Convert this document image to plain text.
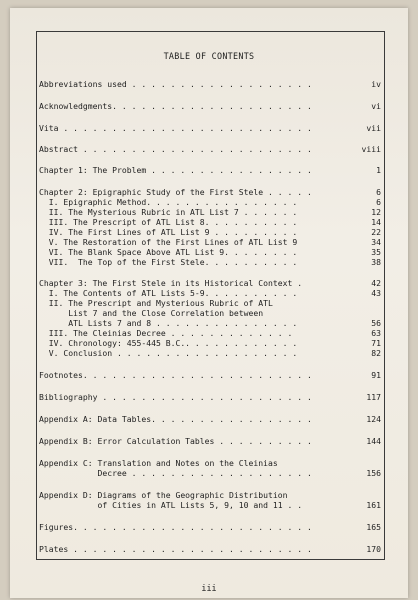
TABLE OF CONTENTS
Abbreviations used . . . . . . . . . . . . . . . . . . .	iv
Acknowledgments. . . . . . . . . . . . . . . . . . . . .	vi
Vita . . . . . . . . . . . . . . . . . . . . . . . . . .	vii
Abstract . . . . . . . . . . . . . . . . . . . . . . . .	viii
Chapter 1: The Problem . . . . . . . . . . . . . . . . .	1
Chapter 2: Epigraphic Study of the First Stele . . . . .	6
I. Epigraphic Method. . . . . . . . . . . . . . . .	6
II. The Mysterious Rubric in ATL List 7 . . . . . .	12
III. The Prescript of ATL List 8. . . . . . . . . .	14
IV. The First Lines of ATL List 9 . . . . . . . . .	22
V. The Restoration of the First Lines of ATL List 9	34
VI. The Blank Space Above ATL List 9. . . . . . . .	35
VII.  The Top of the First Stele. . . . . . . . . .	38
Chapter 3: The First Stele in its Historical Context .	42
I. The Contents of ATL Lists 5-9. . . . . . . . . .	43
II. The Prescript and Mysterious Rubric of ATL
List 7 and the Close Correlation between
ATL Lists 7 and 8 . . . . . . . . . . . . . . .	56
III. The Cleinias Decree . . . . . . . . . . . . .	63
IV. Chronology: 455-445 B.C.. . . . . . . . . . . .	71
V. Conclusion . . . . . . . . . . . . . . . . . . .	82
Footnotes. . . . . . . . . . . . . . . . . . . . . . . .	91
Bibliography . . . . . . . . . . . . . . . . . . . . . .	117
Appendix A: Data Tables. . . . . . . . . . . . . . . . .	124
Appendix B: Error Calculation Tables . . . . . . . . . .	144
Appendix C: Translation and Notes on the Cleinias
Decree . . . . . . . . . . . . . . . . . . .	156
Appendix D: Diagrams of the Geographic Distribution
of Cities in ATL Lists 5, 9, 10 and 11 . .	161
Figures. . . . . . . . . . . . . . . . . . . . . . . . .	165
Plates . . . . . . . . . . . . . . . . . . . . . . . . .	170
iii
